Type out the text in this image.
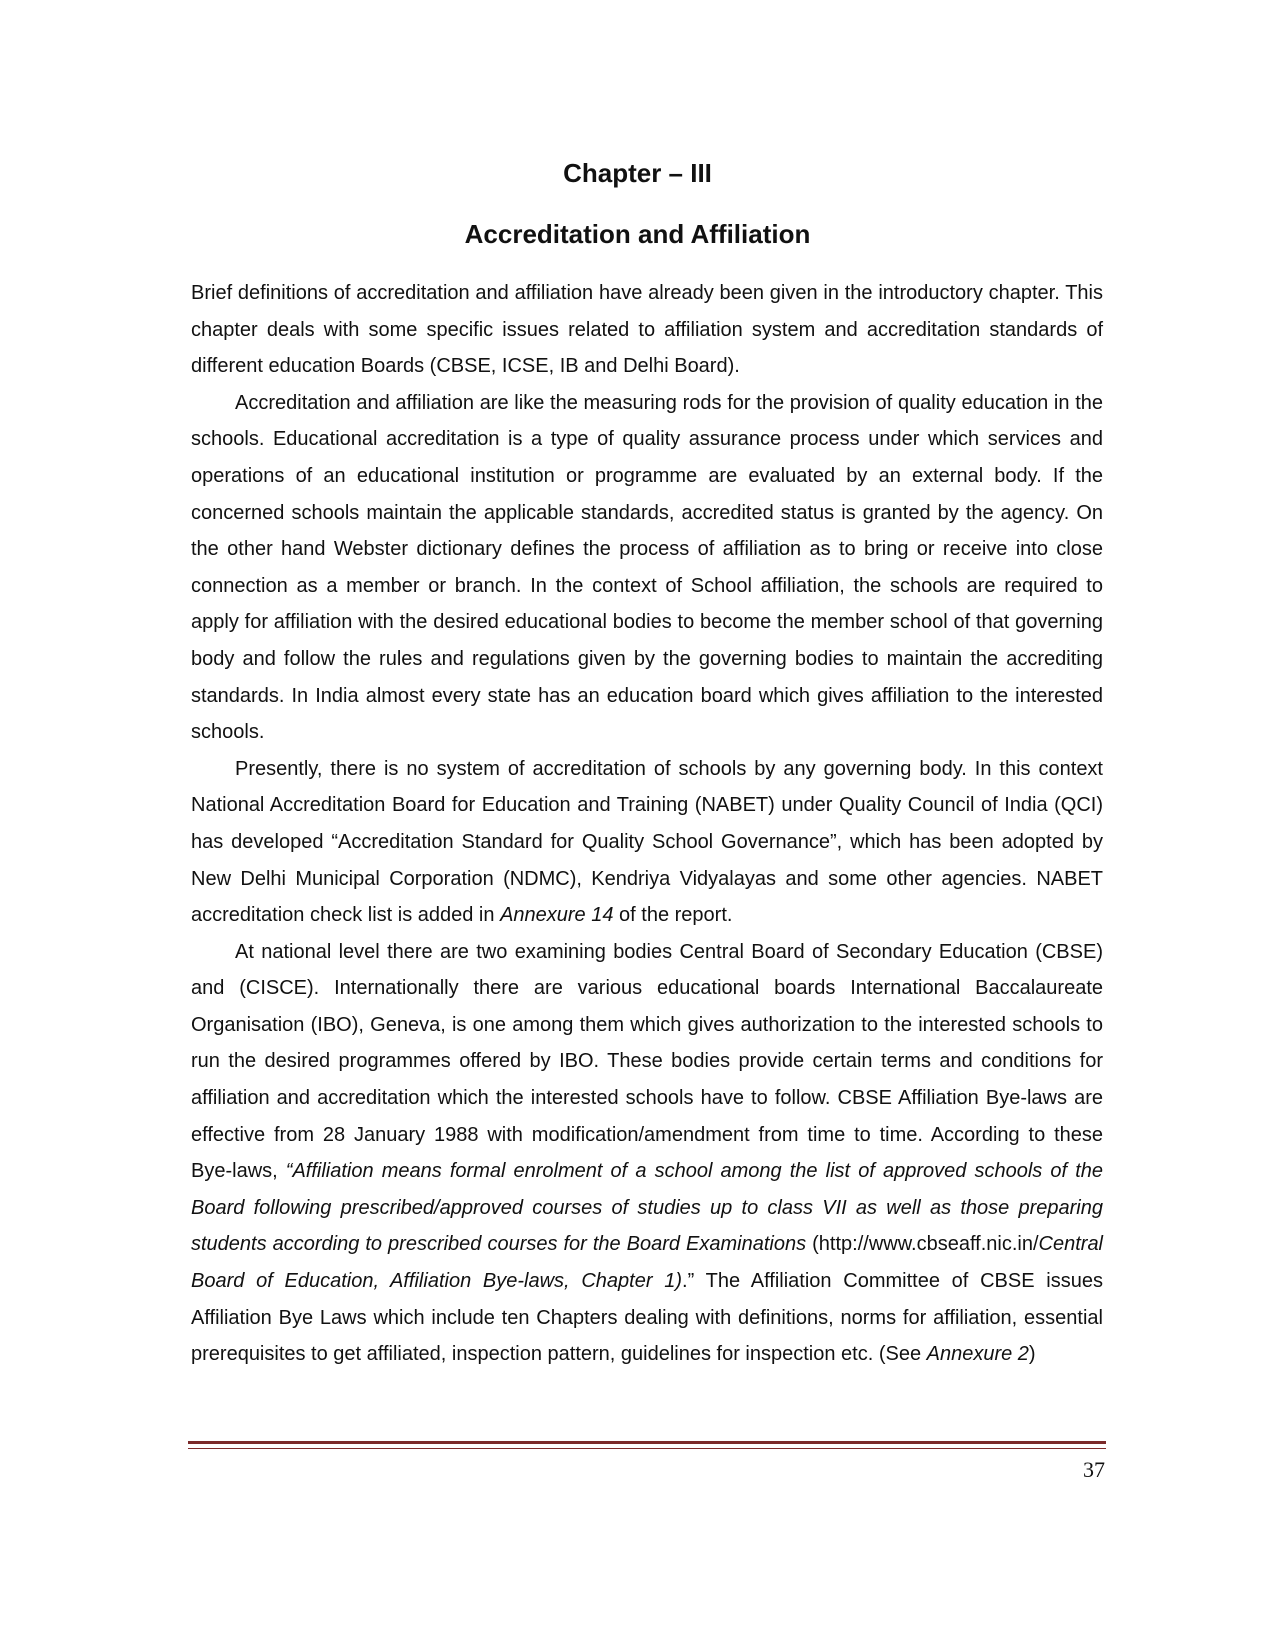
Chapter – III
Accreditation and Affiliation

Brief definitions of accreditation and affiliation have already been given in the introductory chapter. This chapter deals with some specific issues related to affiliation system and accreditation standards of different education Boards (CBSE, ICSE, IB and Delhi Board).

Accreditation and affiliation are like the measuring rods for the provision of quality education in the schools. Educational accreditation is a type of quality assurance process under which services and operations of an educational institution or programme are evaluated by an external body. If the concerned schools maintain the applicable standards, accredited status is granted by the agency. On the other hand Webster dictionary defines the process of affiliation as to bring or receive into close connection as a member or branch. In the context of School affiliation, the schools are required to apply for affiliation with the desired educational bodies to become the member school of that governing body and follow the rules and regulations given by the governing bodies to maintain the accrediting standards. In India almost every state has an education board which gives affiliation to the interested schools.

Presently, there is no system of accreditation of schools by any governing body. In this context National Accreditation Board for Education and Training (NABET) under Quality Council of India (QCI) has developed “Accreditation Standard for Quality School Governance”, which has been adopted by New Delhi Municipal Corporation (NDMC), Kendriya Vidyalayas and some other agencies. NABET accreditation check list is added in Annexure 14 of the report.

At national level there are two examining bodies Central Board of Secondary Education (CBSE) and (CISCE). Internationally there are various educational boards International Baccalaureate Organisation (IBO), Geneva, is one among them which gives authorization to the interested schools to run the desired programmes offered by IBO. These bodies provide certain terms and conditions for affiliation and accreditation which the interested schools have to follow. CBSE Affiliation Bye-laws are effective from 28 January 1988 with modification/amendment from time to time. According to these Bye-laws, “Affiliation means formal enrolment of a school among the list of approved schools of the Board following prescribed/approved courses of studies up to class VII as well as those preparing students according to prescribed courses for the Board Examinations (http://www.cbseaff.nic.in/Central Board of Education, Affiliation Bye-laws, Chapter 1).” The Affiliation Committee of CBSE issues Affiliation Bye Laws which include ten Chapters dealing with definitions, norms for affiliation, essential prerequisites to get affiliated, inspection pattern, guidelines for inspection etc. (See Annexure 2)

37
